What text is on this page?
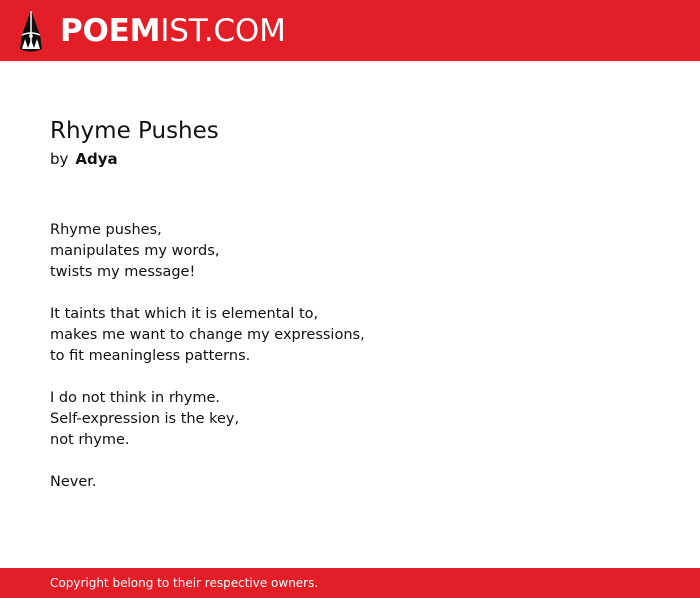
POEM IST.COM
Rhyme Pushes
by Adya
Rhyme pushes,
manipulates my words,
twists my message!
It taints that which it is elemental to,
makes me want to change my expressions,
to fit meaningless patterns.
I do not think in rhyme.
Self-expression is the key,
not rhyme.
Never.
Copyright belong to their respective owners.
